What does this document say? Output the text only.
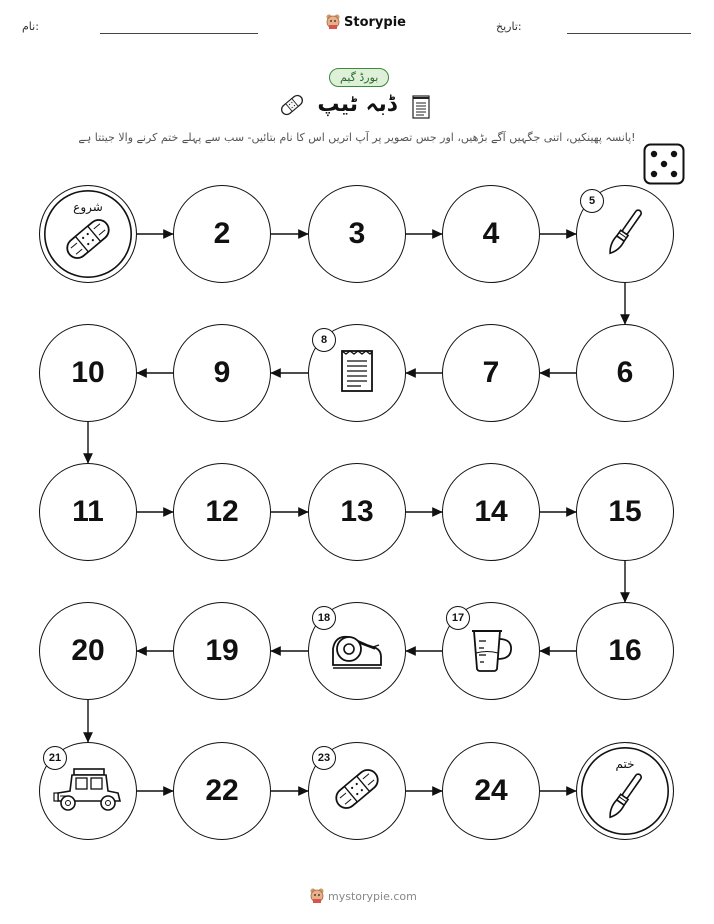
نام:	Storypie	تاریخ:
بورڈ گیم
ڈبہ ٹیپ
پانسہ پھینکیں، اتنی جگہیں آگے بڑھیں، اور جس تصویر پر آپ اتریں اس کا نام بتائیں- سب سے پہلے ختم کرنے والا جیتتا ہے!
شروع
2	3	4
5
6
7
8
9
10
11	12	13	14	15
16
17
18
19
20
21
22
23
24
ختم
mystorypie.com
